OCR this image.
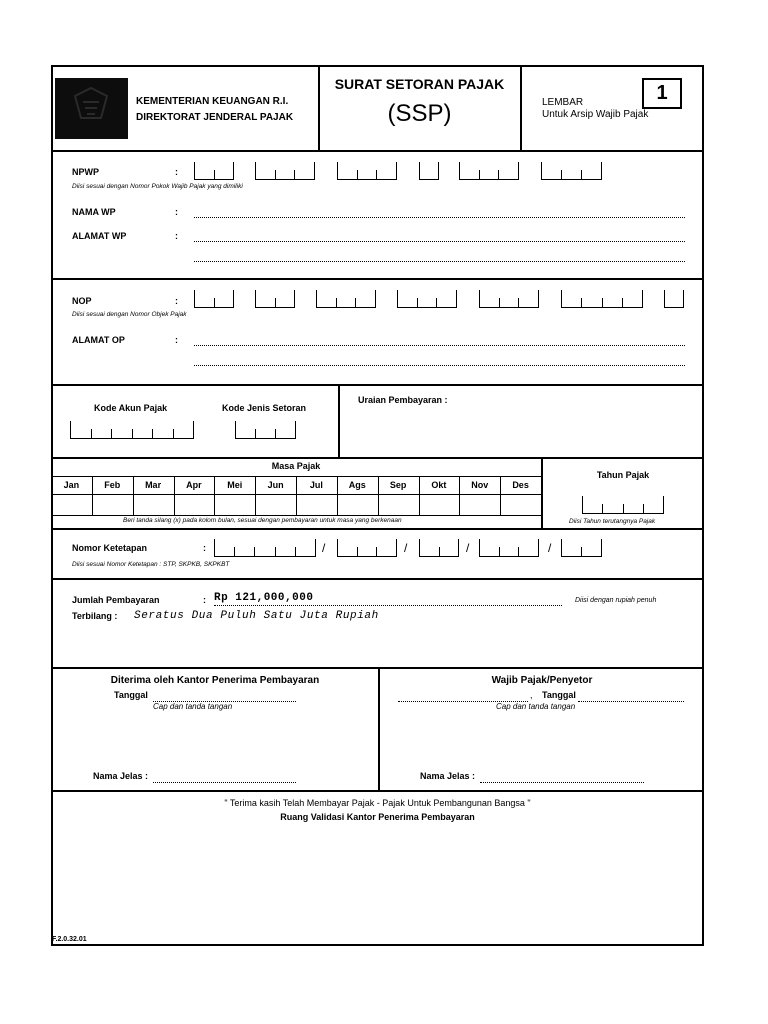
KEMENTERIAN KEUANGAN R.I.
DIREKTORAT JENDERAL PAJAK
SURAT SETORAN PAJAK
(SSP)	LEMBAR	1
Untuk Arsip Wajib Pajak
NPWP	:
Diisi sesuai dengan Nomor Pokok Wajib Pajak yang dimiliki
NAMA WP	:
ALAMAT WP	:
NOP	:
Diisi sesuai dengan Nomor Objek Pajak
ALAMAT OP	:
Kode Akun Pajak	Kode Jenis Setoran
Uraian Pembayaran :
Masa Pajak
Beri tanda silang (x) pada kolom bulan, sesuai dengan pembayaran untuk masa yang berkenaan
Tahun Pajak
Diisi Tahun terutangnya Pajak
Nomor Ketetapan	:	/	/	/	/
Diisi sesuai Nomor Ketetapan : STP, SKPKB, SKPKBT
Jumlah Pembayaran	: Rp 121,000,000	Diisi dengan rupiah penuh
Terbilang : Seratus Dua Puluh Satu Juta Rupiah
Diterima oleh Kantor Penerima Pembayaran
Tanggal
Cap dan tanda tangan
Nama Jelas :
Wajib Pajak/Penyetor
, Tanggal
Cap dan tanda tangan
Nama Jelas :
" Terima kasih Telah Membayar Pajak - Pajak Untuk Pembangunan Bangsa "
Ruang Validasi Kantor Penerima Pembayaran
F.2.0.32.01
Jan	Feb	Mar	Apr	Mei	Jun	Jul	Ags	Sep	Okt	Nov	Des
